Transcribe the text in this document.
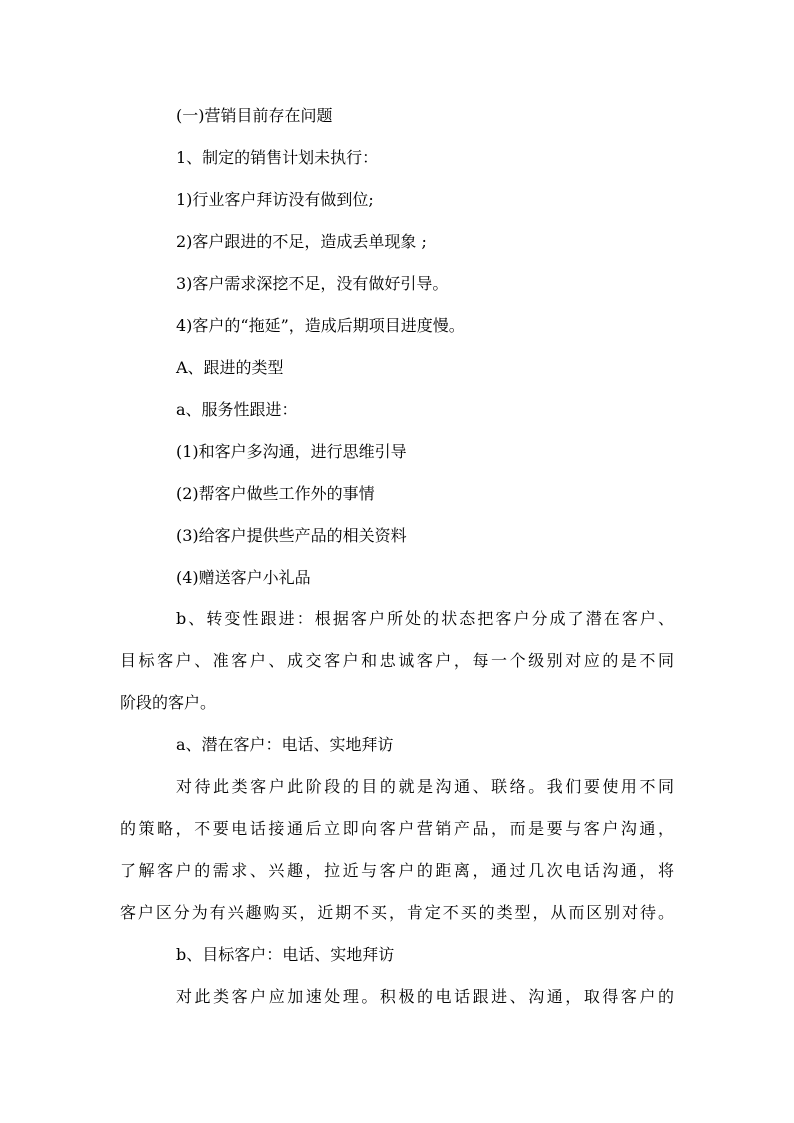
(一)营销目前存在问题

1、制定的销售计划未执行：

1)行业客户拜访没有做到位;

2)客户跟进的不足，造成丢单现象 ;

3)客户需求深挖不足，没有做好引导。

4)客户的“拖延”，造成后期项目进度慢。

A、跟进的类型

a、服务性跟进：

(1)和客户多沟通，进行思维引导

(2)帮客户做些工作外的事情

(3)给客户提供些产品的相关资料

(4)赠送客户小礼品

b、转变性跟进：根据客户所处的状态把客户分成了潜在客户、

目标客户、准客户、成交客户和忠诚客户，每一个级别对应的是不同

阶段的客户。

a、潜在客户：电话、实地拜访

对待此类客户此阶段的目的就是沟通、联络。我们要使用不同

的策略，不要电话接通后立即向客户营销产品，而是要与客户沟通，

了解客户的需求、兴趣，拉近与客户的距离，通过几次电话沟通，将

客户区分为有兴趣购买，近期不买，肯定不买的类型，从而区别对待。

b、目标客户：电话、实地拜访

对此类客户应加速处理。积极的电话跟进、沟通，取得客户的
